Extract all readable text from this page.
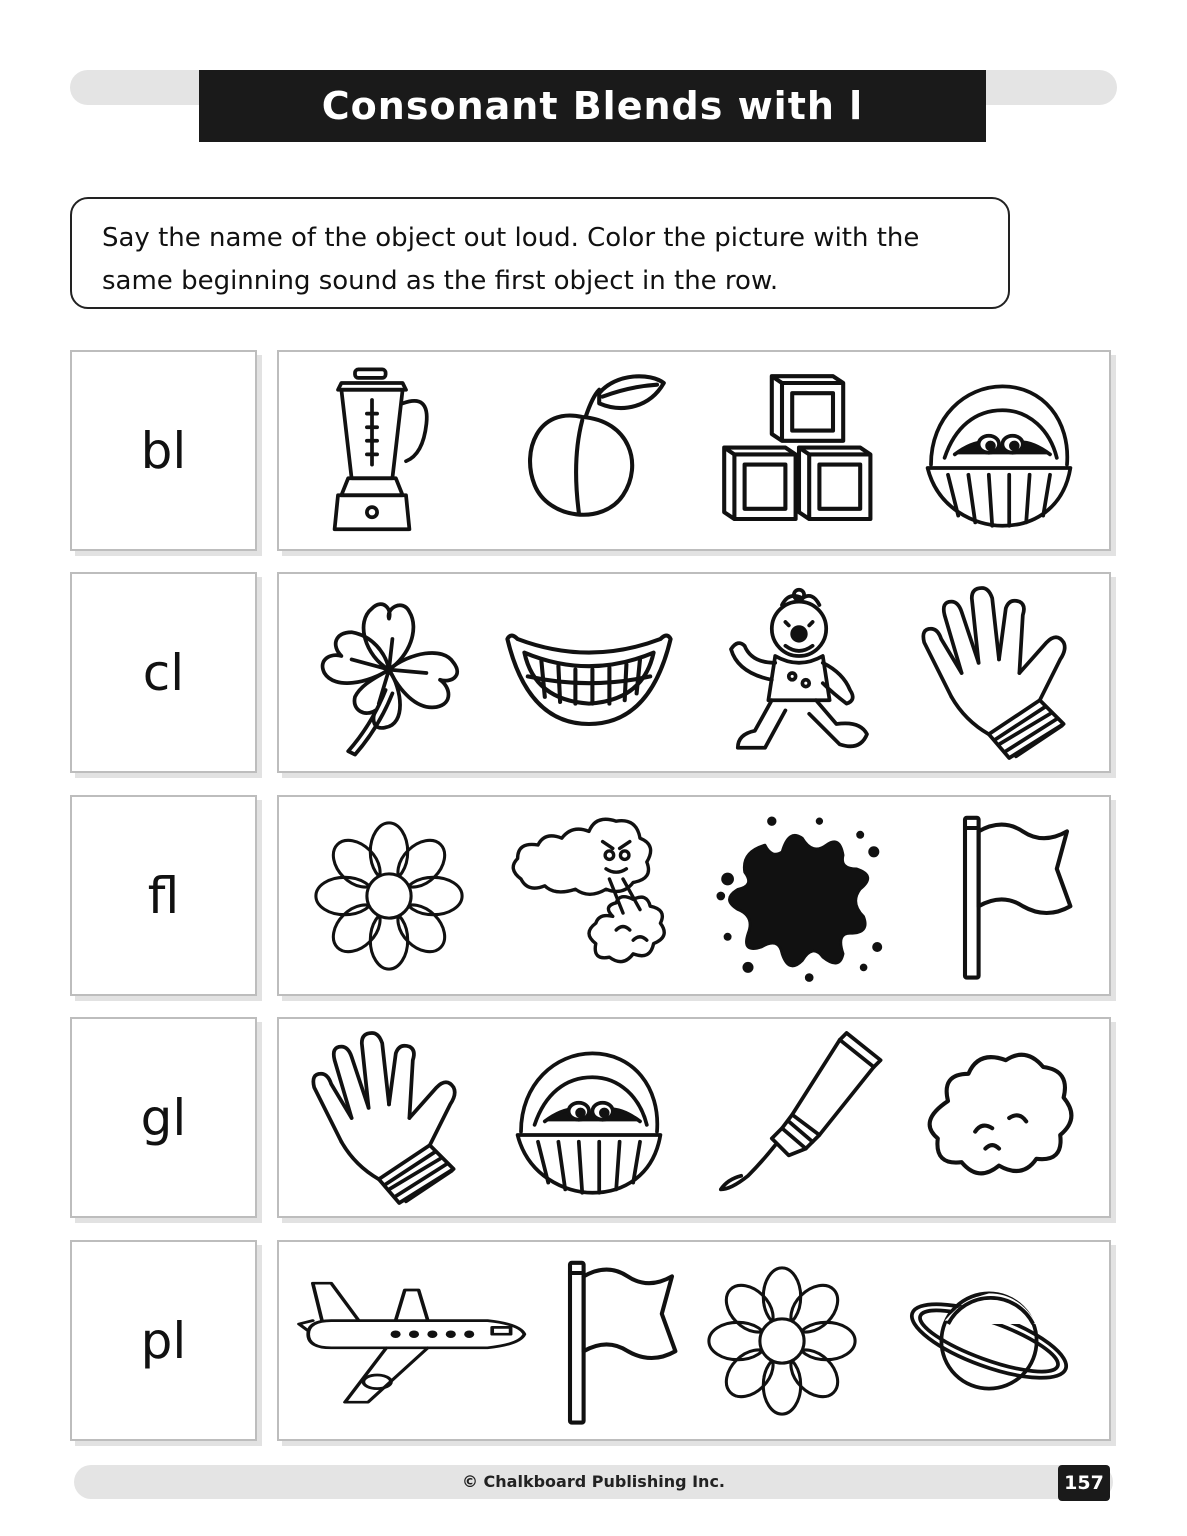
Consonant Blends with l
Say the name of the object out loud. Color the picture with the
same beginning sound as the first object in the row.
bl
cl
fl
gl
pl
© Chalkboard Publishing Inc.	157
